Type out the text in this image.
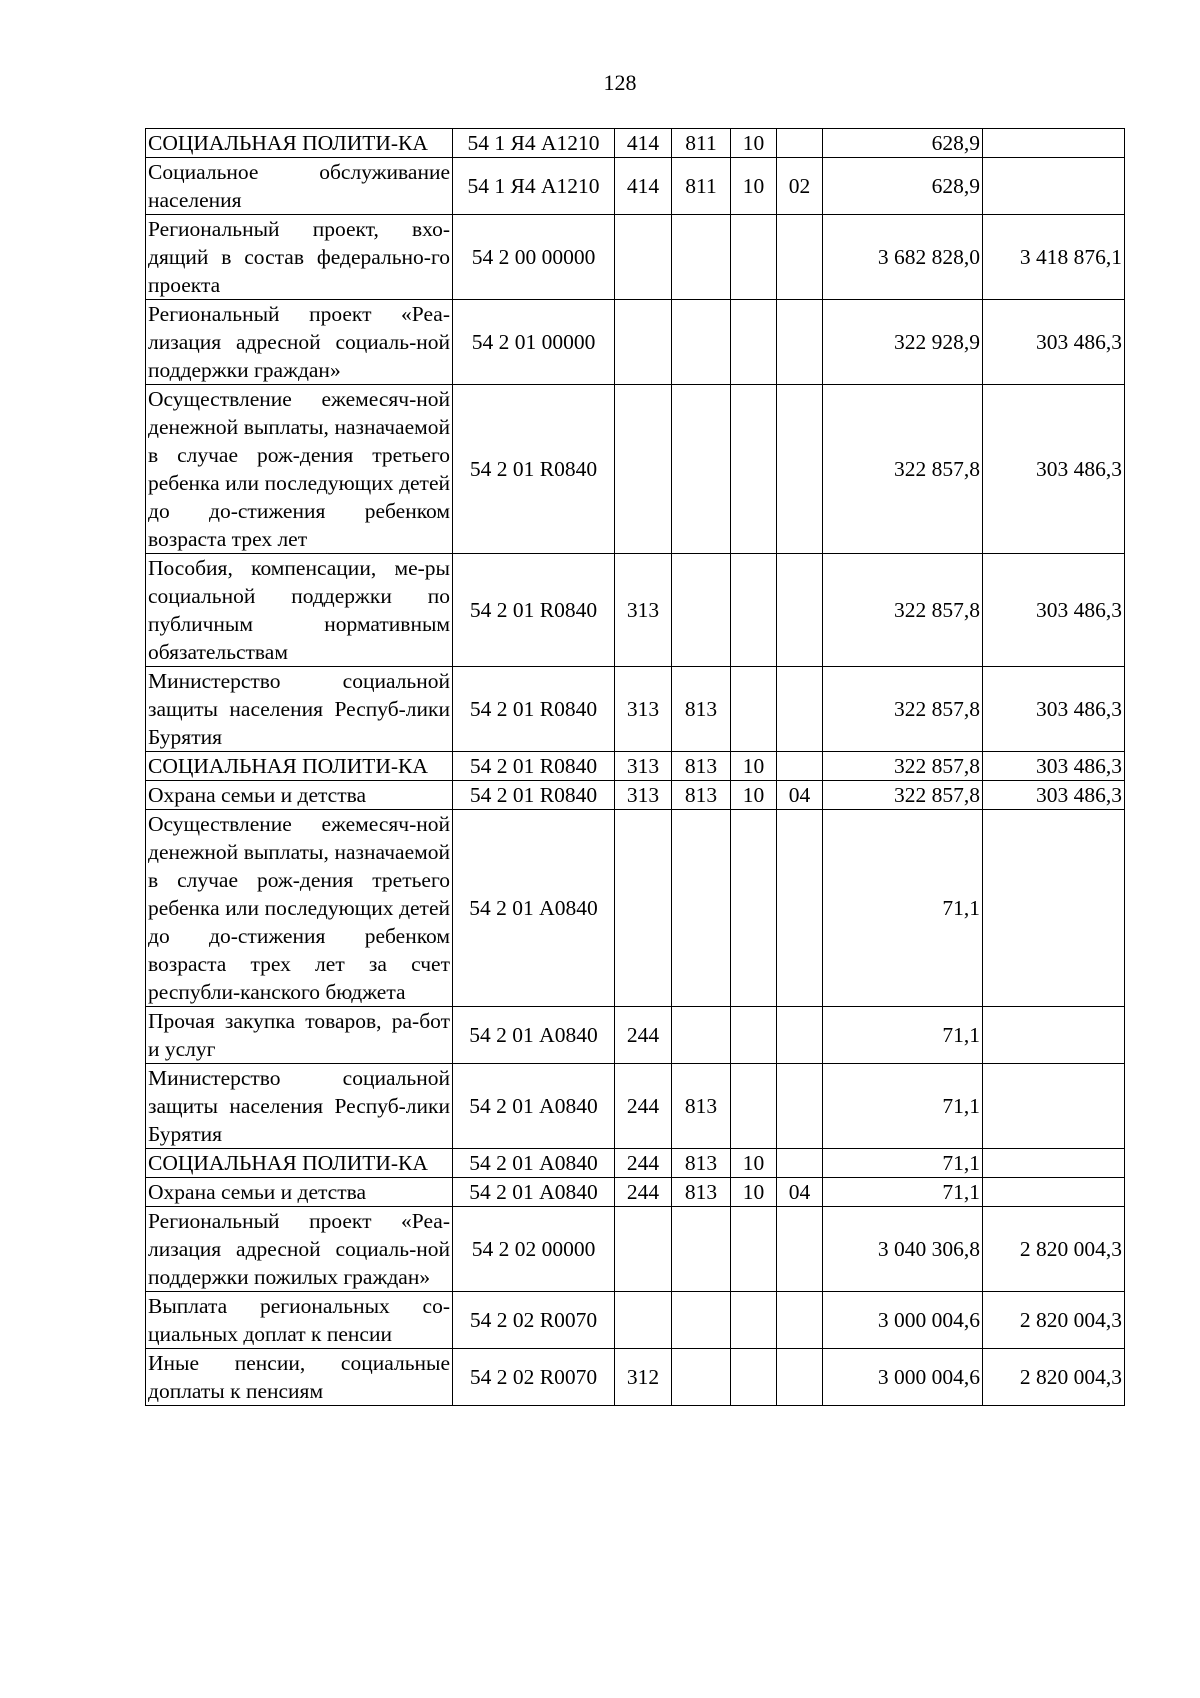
128
СОЦИАЛЬНАЯ ПОЛИТИ-КА	54 1 Я4 А1210	414	811	10		628,9	
Социальное обслуживание населения	54 1 Я4 А1210	414	811	10	02	628,9	
Региональный проект, вхо-дящий в состав федерально-го проекта	54 2 00 00000					3 682 828,0	3 418 876,1
Региональный проект «Реа-лизация адресной социаль-ной поддержки граждан»	54 2 01 00000					322 928,9	303 486,3
Осуществление ежемесяч-ной денежной выплаты, назначаемой в случае рож-дения третьего ребенка или последующих детей до до-стижения ребенком возраста трех лет	54 2 01 R0840					322 857,8	303 486,3
Пособия, компенсации, ме-ры социальной поддержки по публичным нормативным обязательствам	54 2 01 R0840	313				322 857,8	303 486,3
Министерство социальной защиты населения Респуб-лики Бурятия	54 2 01 R0840	313	813			322 857,8	303 486,3
СОЦИАЛЬНАЯ ПОЛИТИ-КА	54 2 01 R0840	313	813	10		322 857,8	303 486,3
Охрана семьи и детства	54 2 01 R0840	313	813	10	04	322 857,8	303 486,3
Осуществление ежемесяч-ной денежной выплаты, назначаемой в случае рож-дения третьего ребенка или последующих детей до до-стижения ребенком возраста трех лет за счет республи-канского бюджета	54 2 01 А0840					71,1	
Прочая закупка товаров, ра-бот и услуг	54 2 01 А0840	244				71,1	
Министерство социальной защиты населения Респуб-лики Бурятия	54 2 01 А0840	244	813			71,1	
СОЦИАЛЬНАЯ ПОЛИТИ-КА	54 2 01 А0840	244	813	10		71,1	
Охрана семьи и детства	54 2 01 А0840	244	813	10	04	71,1	
Региональный проект «Реа-лизация адресной социаль-ной поддержки пожилых граждан»	54 2 02 00000					3 040 306,8	2 820 004,3
Выплата региональных со-циальных доплат к пенсии	54 2 02 R0070					3 000 004,6	2 820 004,3
Иные пенсии, социальные доплаты к пенсиям	54 2 02 R0070	312				3 000 004,6	2 820 004,3
